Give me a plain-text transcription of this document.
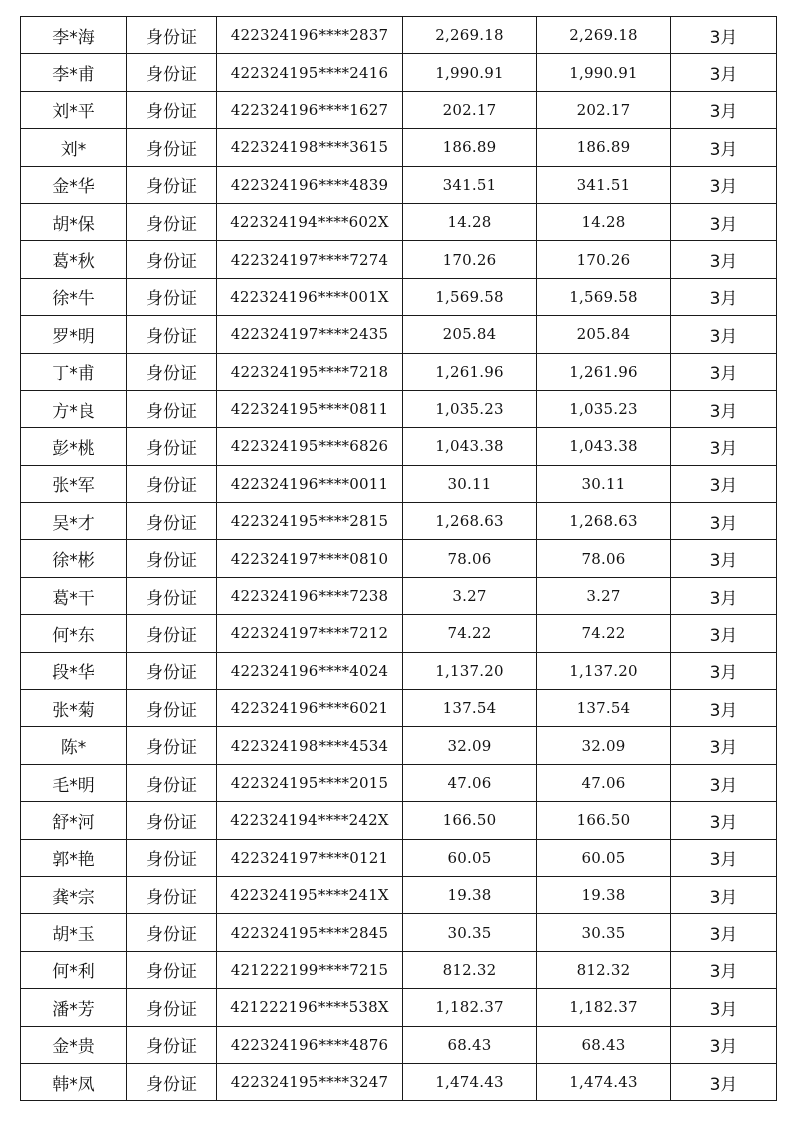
李*海	身份证	422324196****2837	2,269.18	2,269.18	3月
李*甫	身份证	422324195****2416	1,990.91	1,990.91	3月
刘*平	身份证	422324196****1627	202.17	202.17	3月
刘*	身份证	422324198****3615	186.89	186.89	3月
金*华	身份证	422324196****4839	341.51	341.51	3月
胡*保	身份证	422324194****602X	14.28	14.28	3月
葛*秋	身份证	422324197****7274	170.26	170.26	3月
徐*牛	身份证	422324196****001X	1,569.58	1,569.58	3月
罗*明	身份证	422324197****2435	205.84	205.84	3月
丁*甫	身份证	422324195****7218	1,261.96	1,261.96	3月
方*良	身份证	422324195****0811	1,035.23	1,035.23	3月
彭*桃	身份证	422324195****6826	1,043.38	1,043.38	3月
张*军	身份证	422324196****0011	30.11	30.11	3月
吴*才	身份证	422324195****2815	1,268.63	1,268.63	3月
徐*彬	身份证	422324197****0810	78.06	78.06	3月
葛*干	身份证	422324196****7238	3.27	3.27	3月
何*东	身份证	422324197****7212	74.22	74.22	3月
段*华	身份证	422324196****4024	1,137.20	1,137.20	3月
张*菊	身份证	422324196****6021	137.54	137.54	3月
陈*	身份证	422324198****4534	32.09	32.09	3月
毛*明	身份证	422324195****2015	47.06	47.06	3月
舒*河	身份证	422324194****242X	166.50	166.50	3月
郭*艳	身份证	422324197****0121	60.05	60.05	3月
龚*宗	身份证	422324195****241X	19.38	19.38	3月
胡*玉	身份证	422324195****2845	30.35	30.35	3月
何*利	身份证	421222199****7215	812.32	812.32	3月
潘*芳	身份证	421222196****538X	1,182.37	1,182.37	3月
金*贵	身份证	422324196****4876	68.43	68.43	3月
韩*凤	身份证	422324195****3247	1,474.43	1,474.43	3月
